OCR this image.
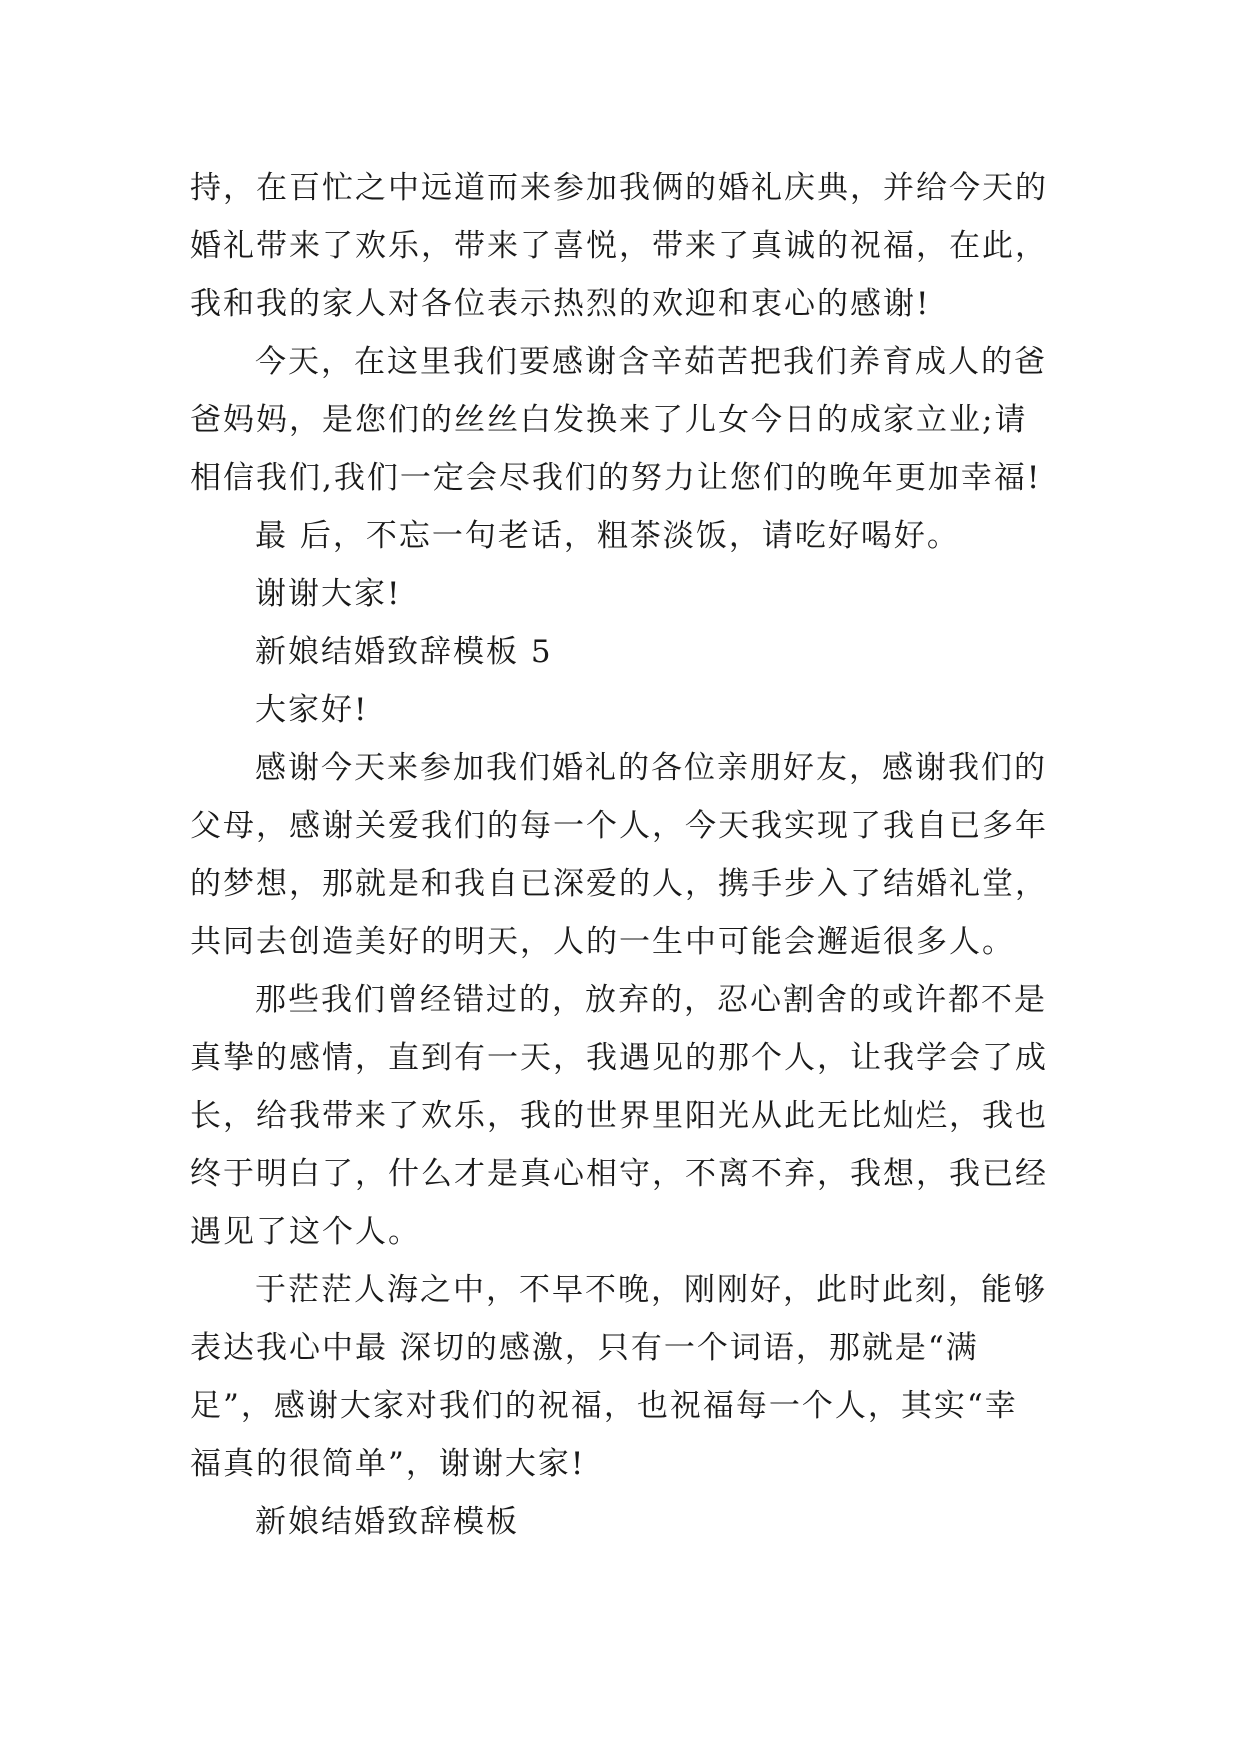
持，在百忙之中远道而来参加我俩的婚礼庆典，并给今天的
婚礼带来了欢乐，带来了喜悦，带来了真诚的祝福，在此，
我和我的家人对各位表示热烈的欢迎和衷心的感谢!
今天，在这里我们要感谢含辛茹苦把我们养育成人的爸
爸妈妈，是您们的丝丝白发换来了儿女今日的成家立业;请
相信我们,我们一定会尽我们的努力让您们的晚年更加幸福!
最 后，不忘一句老话，粗茶淡饭，请吃好喝好。
谢谢大家!
新娘结婚致辞模板 5
大家好!
感谢今天来参加我们婚礼的各位亲朋好友，感谢我们的
父母，感谢关爱我们的每一个人，今天我实现了我自已多年
的梦想，那就是和我自已深爱的人，携手步入了结婚礼堂，
共同去创造美好的明天，人的一生中可能会邂逅很多人。
那些我们曾经错过的，放弃的，忍心割舍的或许都不是
真挚的感情，直到有一天，我遇见的那个人，让我学会了成
长，给我带来了欢乐，我的世界里阳光从此无比灿烂，我也
终于明白了，什么才是真心相守，不离不弃，我想，我已经
遇见了这个人。
于茫茫人海之中，不早不晚，刚刚好，此时此刻，能够
表达我心中最 深切的感激，只有一个词语，那就是“满
足”，感谢大家对我们的祝福，也祝福每一个人，其实“幸
福真的很简单”，谢谢大家!
新娘结婚致辞模板
